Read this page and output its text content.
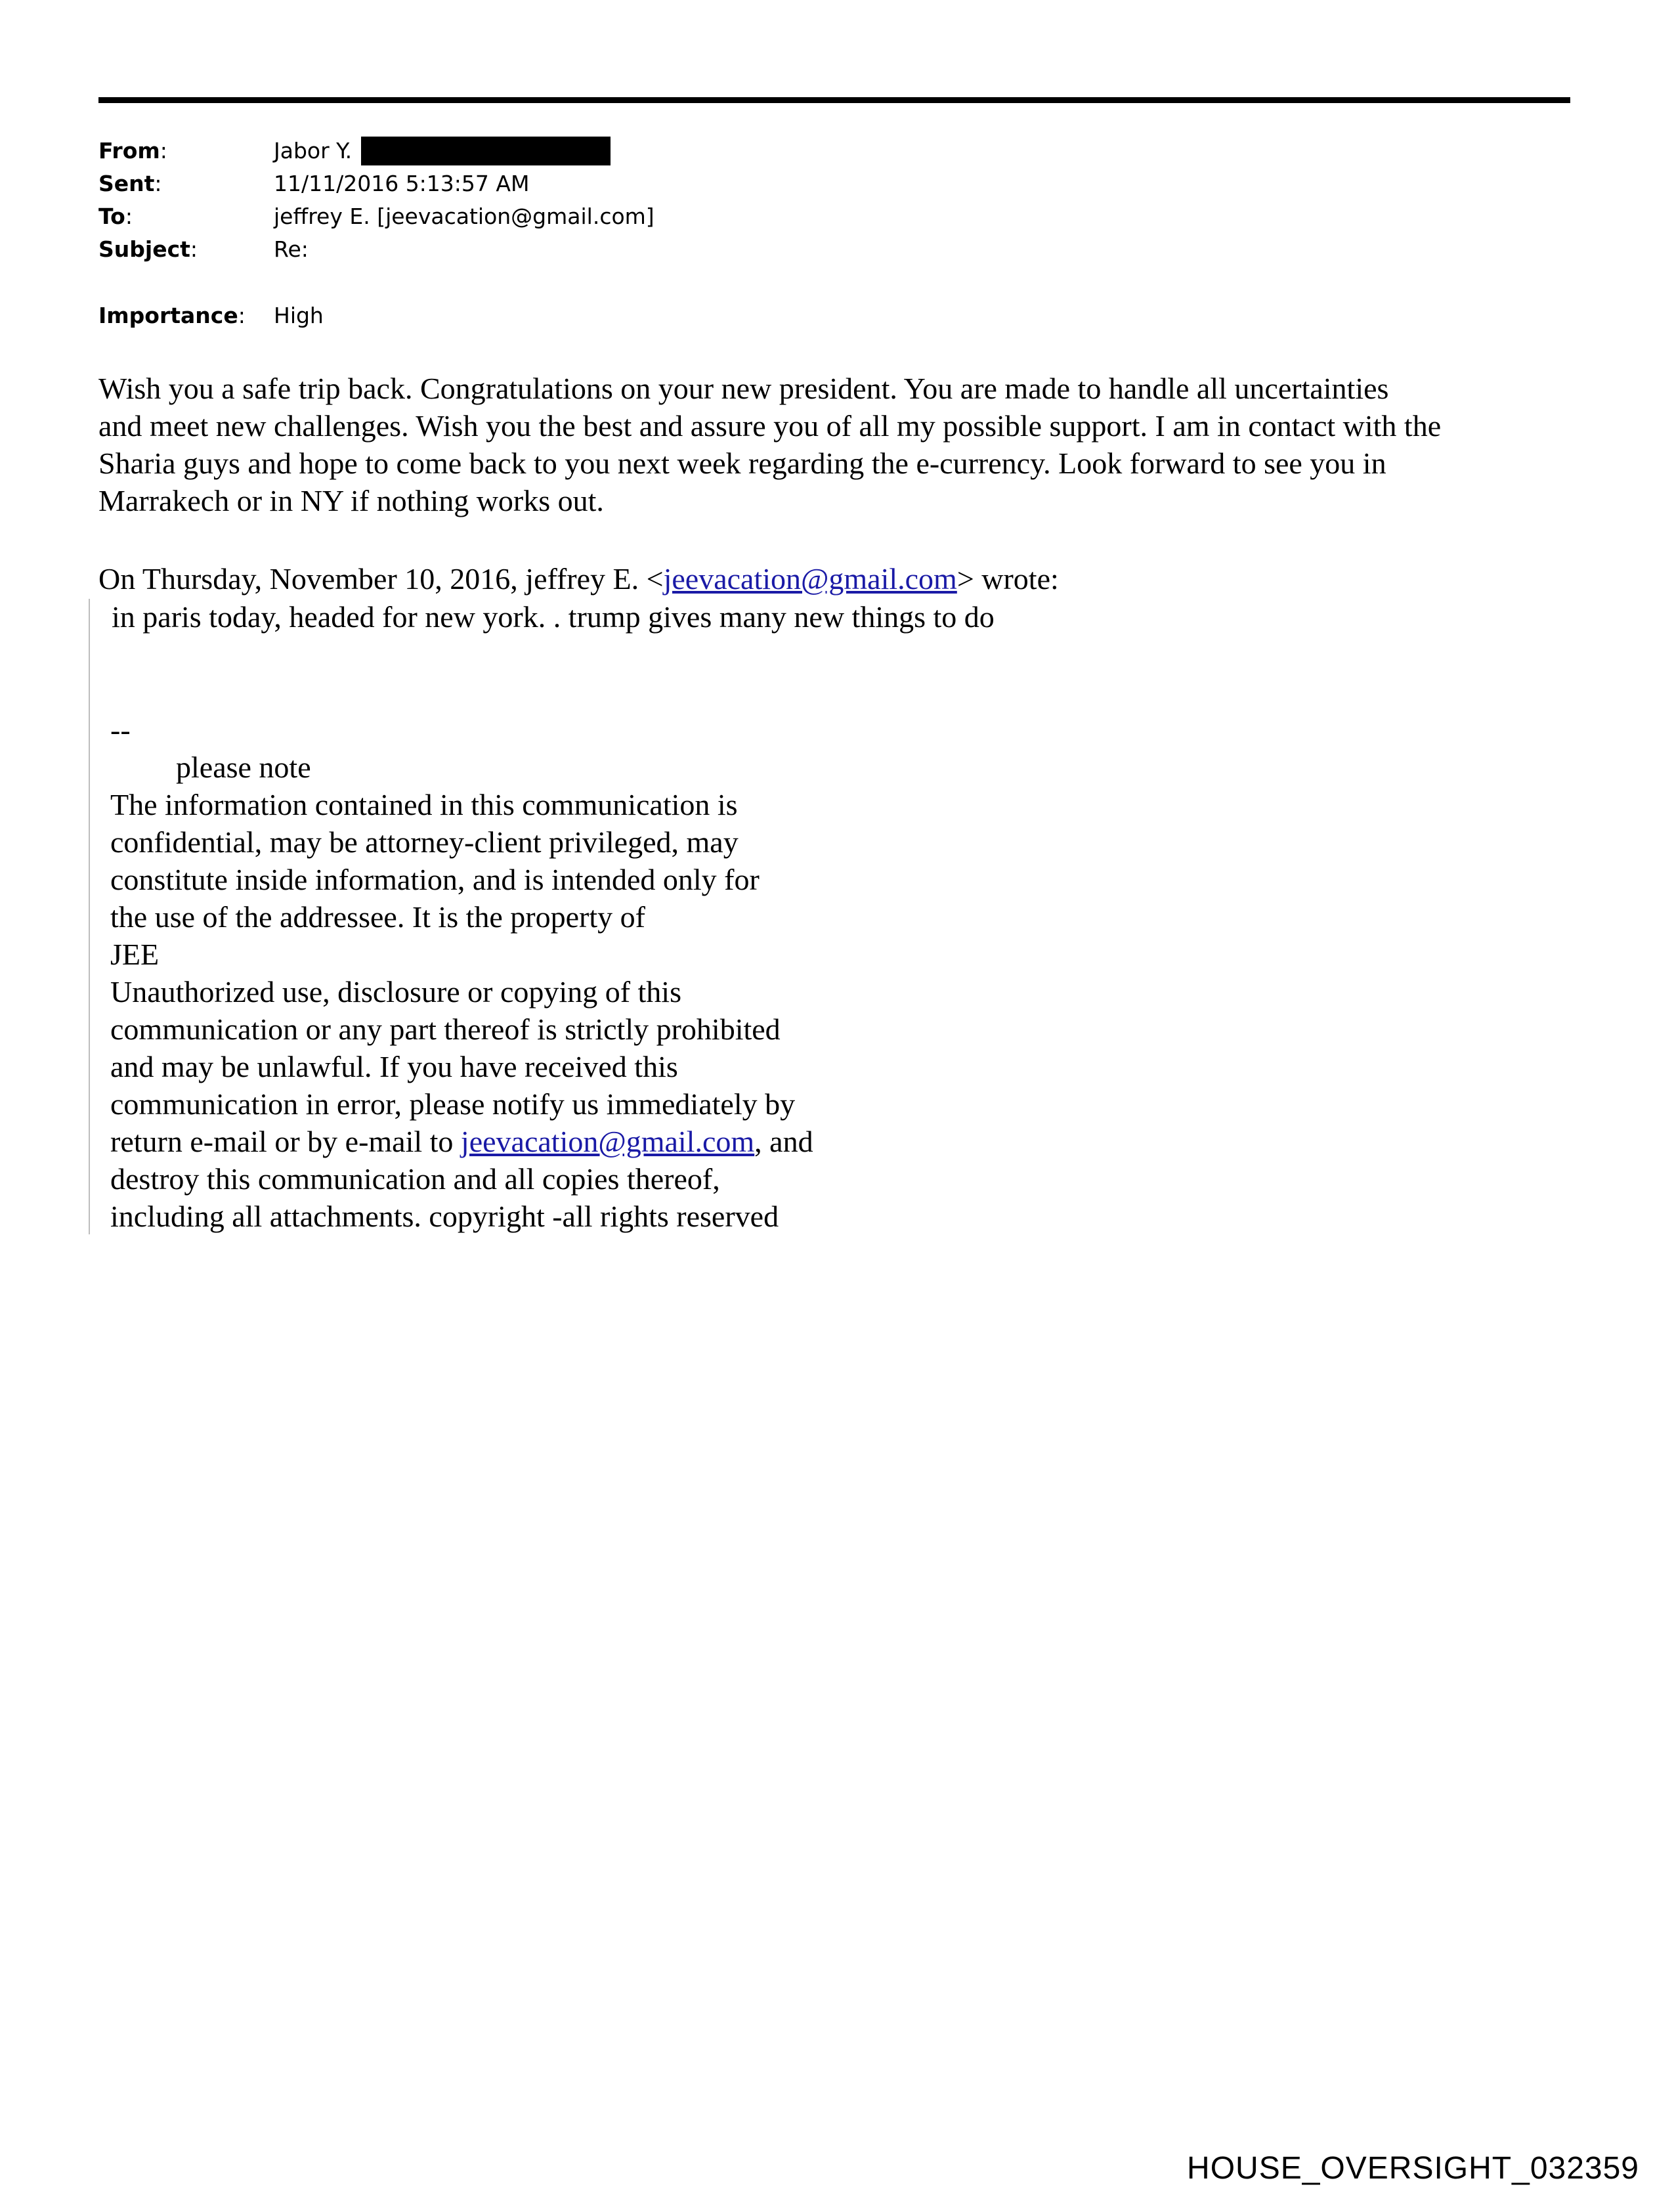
From:	Jabor Y.
Sent:	11/11/2016 5:13:57 AM
To:	jeffrey E. [jeevacation@gmail.com]
Subject:	Re:
Importance:	High

Wish you a safe trip back. Congratulations on your new president. You are made to handle all uncertainties

and meet new challenges. Wish you the best and assure you of all my possible support. I am in contact with the

Sharia guys and hope to come back to you next week regarding the e-currency. Look forward to see you in

Marrakech or in NY if nothing works out.

On Thursday, November 10, 2016, jeffrey E. <jeevacation@gmail.com> wrote:
in paris today, headed for new york. . trump gives many new things to do
--
please note
The information contained in this communication is
confidential, may be attorney-client privileged, may
constitute inside information, and is intended only for
the use of the addressee. It is the property of
JEE
Unauthorized use, disclosure or copying of this
communication or any part thereof is strictly prohibited
and may be unlawful. If you have received this
communication in error, please notify us immediately by
return e-mail or by e-mail to jeevacation@gmail.com, and
destroy this communication and all copies thereof,
including all attachments. copyright -all rights reserved
HOUSE_OVERSIGHT_032359
